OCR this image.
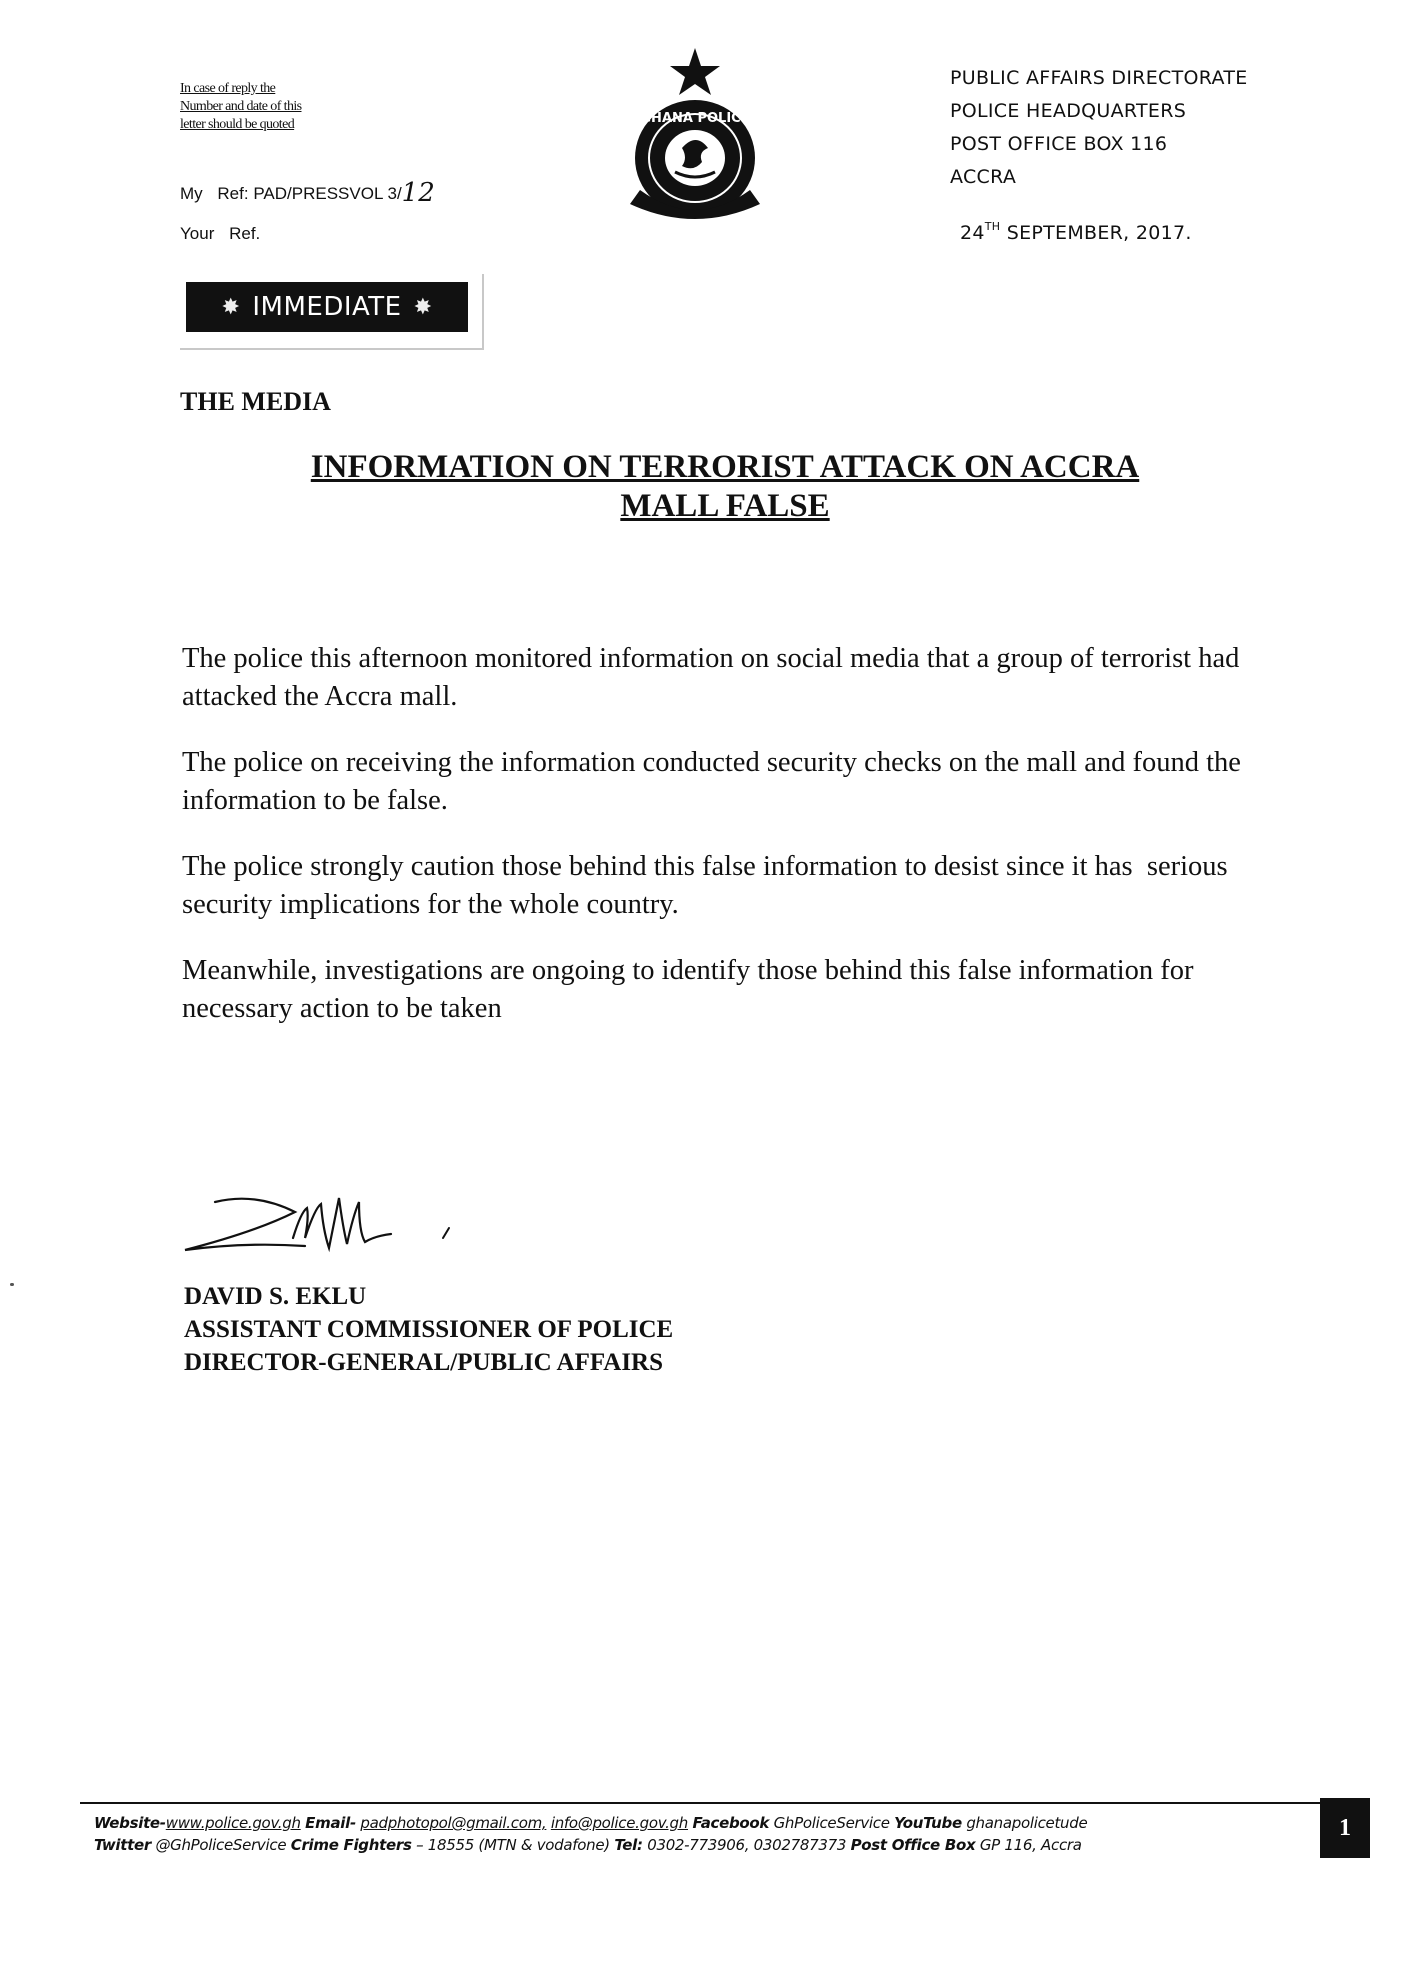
In case of reply the
Number and date of this
letter should be quoted
My Ref: PAD/PRESSVOL 3/12
Your Ref.
GHANA POLICE
PUBLIC AFFAIRS DIRECTORATE
POLICE HEADQUARTERS
POST OFFICE BOX 116
ACCRA
24TH SEPTEMBER, 2017.
✸ IMMEDIATE ✸
THE MEDIA
INFORMATION ON TERRORIST ATTACK ON ACCRA
MALL FALSE

The police this afternoon monitored information on social media that a group of terrorist had attacked the Accra mall.

The police on receiving the information conducted security checks on the mall and found the information to be false.

The police strongly caution those behind this false information to desist since it has  serious security implications for the whole country.

Meanwhile, investigations are ongoing to identify those behind this false information for necessary action to be taken

DAVID S. EKLU
ASSISTANT COMMISSIONER OF POLICE
DIRECTOR-GENERAL/PUBLIC AFFAIRS
Website-www.police.gov.gh Email- padphotopol@gmail.com, info@police.gov.gh Facebook GhPoliceService YouTube ghanapolicetude
Twitter @GhPoliceService Crime Fighters – 18555 (MTN & vodafone) Tel: 0302-773906, 0302787373 Post Office Box GP 116, Accra
1
